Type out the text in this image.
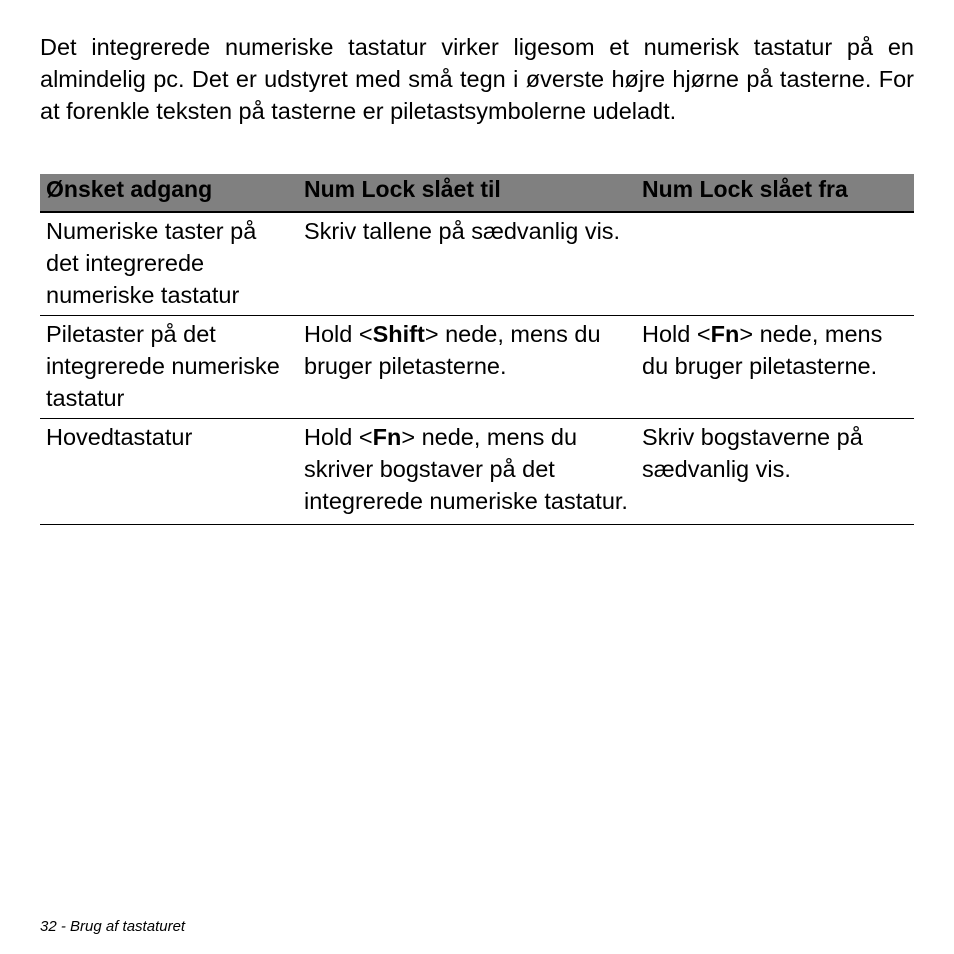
Det integrerede numeriske tastatur virker ligesom et numerisk tastatur på en almindelig pc. Det er udstyret med små tegn i øverste højre hjørne på tasterne. For at forenkle teksten på tasterne er piletastsymbolerne udeladt.

Ønsket adgang	Num Lock slået til	Num Lock slået fra
Numeriske taster på det integrerede numeriske tastatur	Skriv tallene på sædvanlig vis.	
Piletaster på det integrerede numeriske tastatur	Hold <Shift> nede, mens du bruger piletasterne.	Hold <Fn> nede, mens du bruger piletasterne.
Hovedtastatur	Hold <Fn> nede, mens du skriver bogstaver på det integrerede numeriske tastatur.	Skriv bogstaverne på sædvanlig vis.
32 - Brug af tastaturet
